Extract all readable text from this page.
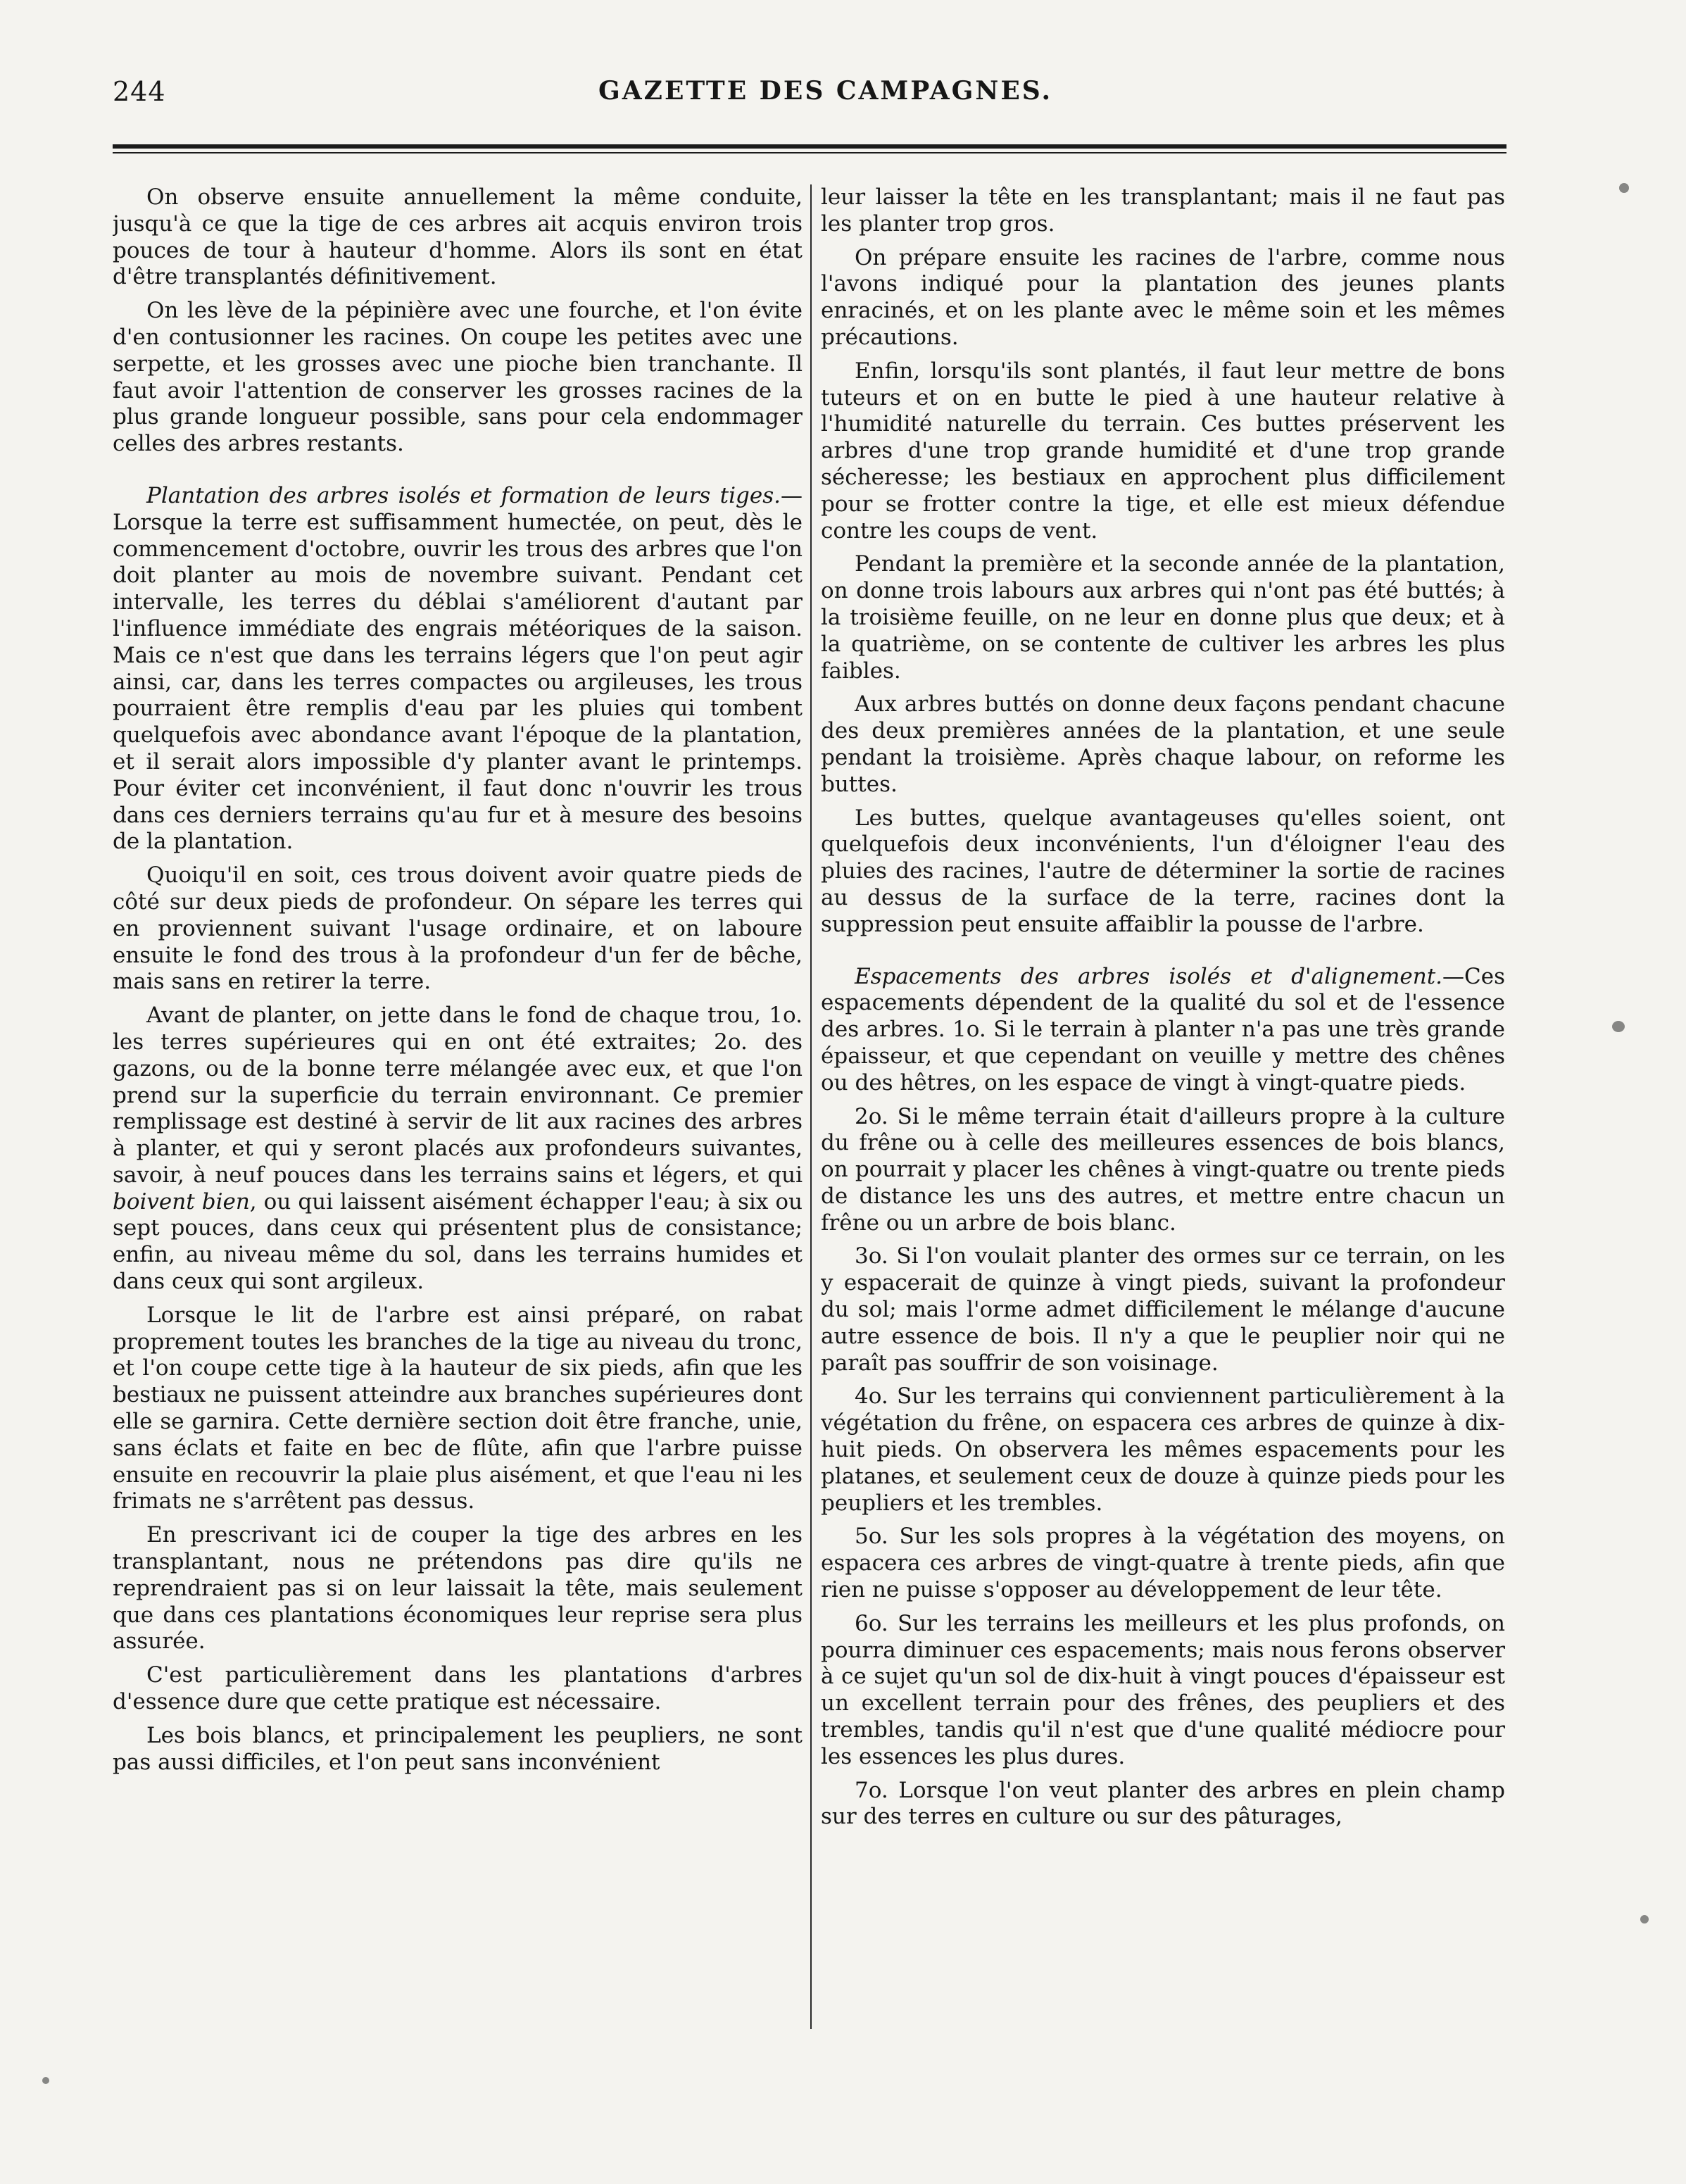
244	GAZETTE DES CAMPAGNES.

On observe ensuite annuellement la même conduite, jusqu'à ce que la tige de ces arbres ait acquis environ trois pouces de tour à hauteur d'homme. Alors ils sont en état d'être transplantés définitivement.

On les lève de la pépinière avec une fourche, et l'on évite d'en contusionner les racines. On coupe les petites avec une serpette, et les grosses avec une pioche bien tranchante. Il faut avoir l'attention de conserver les grosses racines de la plus grande longueur possible, sans pour cela endommager celles des arbres restants.

Plantation des arbres isolés et formation de leurs tiges.—Lorsque la terre est suffisamment humectée, on peut, dès le commencement d'octobre, ouvrir les trous des arbres que l'on doit planter au mois de novembre suivant. Pendant cet intervalle, les terres du déblai s'améliorent d'autant par l'influence immédiate des engrais météoriques de la saison. Mais ce n'est que dans les terrains légers que l'on peut agir ainsi, car, dans les terres compactes ou argileuses, les trous pourraient être remplis d'eau par les pluies qui tombent quelquefois avec abondance avant l'époque de la plantation, et il serait alors impossible d'y planter avant le printemps. Pour éviter cet inconvénient, il faut donc n'ouvrir les trous dans ces derniers terrains qu'au fur et à mesure des besoins de la plantation.

Quoiqu'il en soit, ces trous doivent avoir quatre pieds de côté sur deux pieds de profondeur. On sépare les terres qui en proviennent suivant l'usage ordinaire, et on laboure ensuite le fond des trous à la profondeur d'un fer de bêche, mais sans en retirer la terre.

Avant de planter, on jette dans le fond de chaque trou, 1o. les terres supérieures qui en ont été extraites; 2o. des gazons, ou de la bonne terre mélangée avec eux, et que l'on prend sur la superficie du terrain environnant. Ce premier remplissage est destiné à servir de lit aux racines des arbres à planter, et qui y seront placés aux profondeurs suivantes, savoir, à neuf pouces dans les terrains sains et légers, et qui boivent bien, ou qui laissent aisément échapper l'eau; à six ou sept pouces, dans ceux qui présentent plus de consistance; enfin, au niveau même du sol, dans les terrains humides et dans ceux qui sont argileux.

Lorsque le lit de l'arbre est ainsi préparé, on rabat proprement toutes les branches de la tige au niveau du tronc, et l'on coupe cette tige à la hauteur de six pieds, afin que les bestiaux ne puissent atteindre aux branches supérieures dont elle se garnira. Cette dernière section doit être franche, unie, sans éclats et faite en bec de flûte, afin que l'arbre puisse ensuite en recouvrir la plaie plus aisément, et que l'eau ni les frimats ne s'arrêtent pas dessus.

En prescrivant ici de couper la tige des arbres en les transplantant, nous ne prétendons pas dire qu'ils ne reprendraient pas si on leur laissait la tête, mais seulement que dans ces plantations économiques leur reprise sera plus assurée.

C'est particulièrement dans les plantations d'arbres d'essence dure que cette pratique est nécessaire.

Les bois blancs, et principalement les peupliers, ne sont pas aussi difficiles, et l'on peut sans inconvénient

leur laisser la tête en les transplantant; mais il ne faut pas les planter trop gros.

On prépare ensuite les racines de l'arbre, comme nous l'avons indiqué pour la plantation des jeunes plants enracinés, et on les plante avec le même soin et les mêmes précautions.

Enfin, lorsqu'ils sont plantés, il faut leur mettre de bons tuteurs et on en butte le pied à une hauteur relative à l'humidité naturelle du terrain. Ces buttes préservent les arbres d'une trop grande humidité et d'une trop grande sécheresse; les bestiaux en approchent plus difficilement pour se frotter contre la tige, et elle est mieux défendue contre les coups de vent.

Pendant la première et la seconde année de la plantation, on donne trois labours aux arbres qui n'ont pas été buttés; à la troisième feuille, on ne leur en donne plus que deux; et à la quatrième, on se contente de cultiver les arbres les plus faibles.

Aux arbres buttés on donne deux façons pendant chacune des deux premières années de la plantation, et une seule pendant la troisième. Après chaque labour, on reforme les buttes.

Les buttes, quelque avantageuses qu'elles soient, ont quelquefois deux inconvénients, l'un d'éloigner l'eau des pluies des racines, l'autre de déterminer la sortie de racines au dessus de la surface de la terre, racines dont la suppression peut ensuite affaiblir la pousse de l'arbre.

Espacements des arbres isolés et d'alignement.—Ces espacements dépendent de la qualité du sol et de l'essence des arbres. 1o. Si le terrain à planter n'a pas une très grande épaisseur, et que cependant on veuille y mettre des chênes ou des hêtres, on les espace de vingt à vingt-quatre pieds.

2o. Si le même terrain était d'ailleurs propre à la culture du frêne ou à celle des meilleures essences de bois blancs, on pourrait y placer les chênes à vingt-quatre ou trente pieds de distance les uns des autres, et mettre entre chacun un frêne ou un arbre de bois blanc.

3o. Si l'on voulait planter des ormes sur ce terrain, on les y espacerait de quinze à vingt pieds, suivant la profondeur du sol; mais l'orme admet difficilement le mélange d'aucune autre essence de bois. Il n'y a que le peuplier noir qui ne paraît pas souffrir de son voisinage.

4o. Sur les terrains qui conviennent particulièrement à la végétation du frêne, on espacera ces arbres de quinze à dix-huit pieds. On observera les mêmes espacements pour les platanes, et seulement ceux de douze à quinze pieds pour les peupliers et les trembles.

5o. Sur les sols propres à la végétation des moyens, on espacera ces arbres de vingt-quatre à trente pieds, afin que rien ne puisse s'opposer au développement de leur tête.

6o. Sur les terrains les meilleurs et les plus profonds, on pourra diminuer ces espacements; mais nous ferons observer à ce sujet qu'un sol de dix-huit à vingt pouces d'épaisseur est un excellent terrain pour des frênes, des peupliers et des trembles, tandis qu'il n'est que d'une qualité médiocre pour les essences les plus dures.

7o. Lorsque l'on veut planter des arbres en plein champ sur des terres en culture ou sur des pâturages,
